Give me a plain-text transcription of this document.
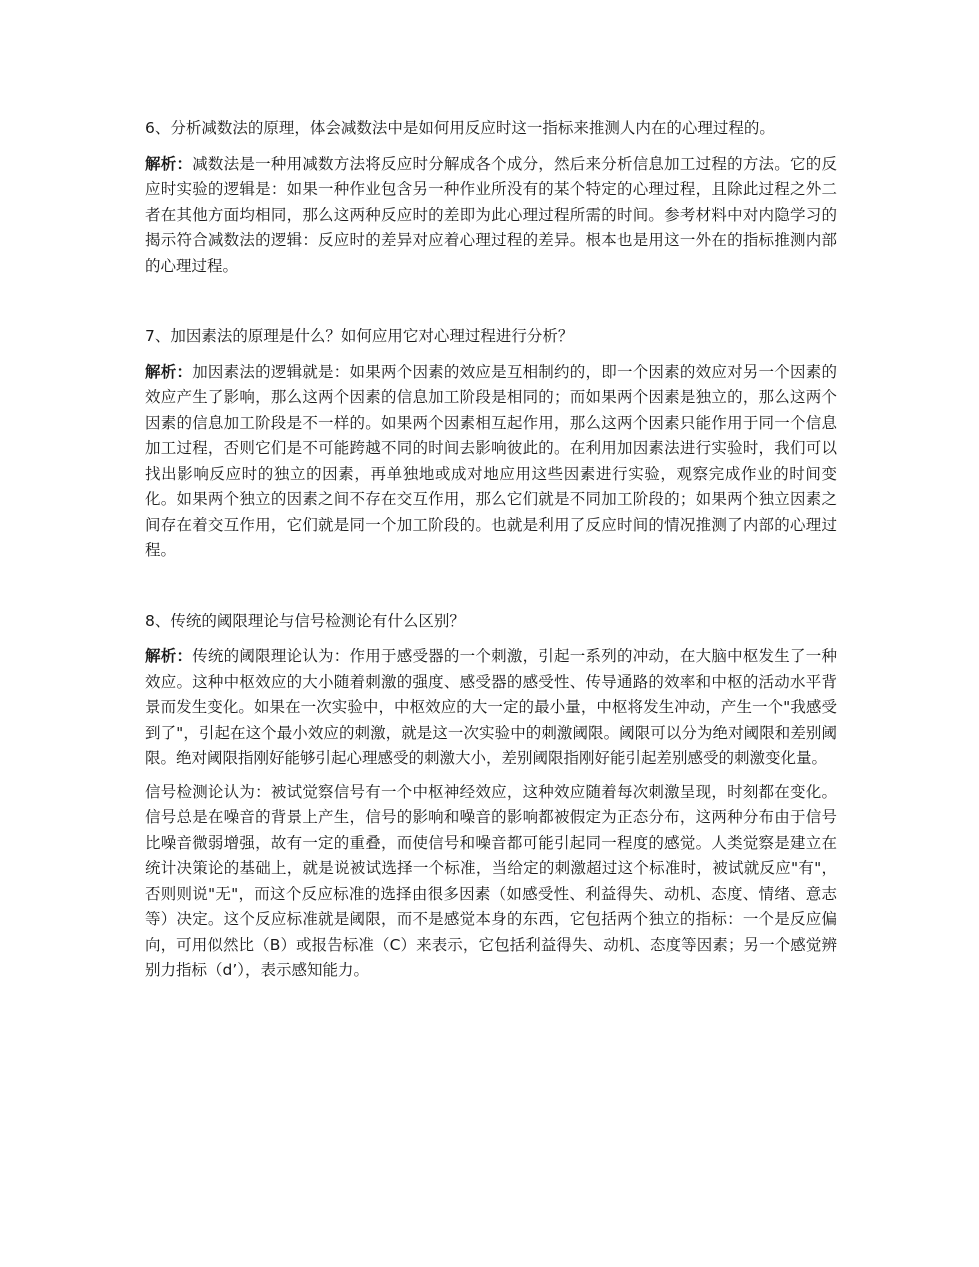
6、分析减数法的原理，体会减数法中是如何用反应时这一指标来推测人内在的心理过程的。

解析：减数法是一种用减数方法将反应时分解成各个成分，然后来分析信息加工过程的方法。它的反应时实验的逻辑是：如果一种作业包含另一种作业所没有的某个特定的心理过程，且除此过程之外二者在其他方面均相同，那么这两种反应时的差即为此心理过程所需的时间。参考材料中对内隐学习的揭示符合减数法的逻辑：反应时的差异对应着心理过程的差异。根本也是用这一外在的指标推测内部的心理过程。

7、加因素法的原理是什么？如何应用它对心理过程进行分析？

解析：加因素法的逻辑就是：如果两个因素的效应是互相制约的，即一个因素的效应对另一个因素的效应产生了影响，那么这两个因素的信息加工阶段是相同的；而如果两个因素是独立的，那么这两个因素的信息加工阶段是不一样的。如果两个因素相互起作用，那么这两个因素只能作用于同一个信息加工过程，否则它们是不可能跨越不同的时间去影响彼此的。在利用加因素法进行实验时，我们可以找出影响反应时的独立的因素，再单独地或成对地应用这些因素进行实验，观察完成作业的时间变化。如果两个独立的因素之间不存在交互作用，那么它们就是不同加工阶段的；如果两个独立因素之间存在着交互作用，它们就是同一个加工阶段的。也就是利用了反应时间的情况推测了内部的心理过程。

8、传统的阈限理论与信号检测论有什么区别？

解析：传统的阈限理论认为：作用于感受器的一个刺激，引起一系列的冲动，在大脑中枢发生了一种效应。这种中枢效应的大小随着刺激的强度、感受器的感受性、传导通路的效率和中枢的活动水平背景而发生变化。如果在一次实验中，中枢效应的大一定的最小量，中枢将发生冲动，产生一个"我感受到了"，引起在这个最小效应的刺激，就是这一次实验中的刺激阈限。阈限可以分为绝对阈限和差别阈限。绝对阈限指刚好能够引起心理感受的刺激大小，差别阈限指刚好能引起差别感受的刺激变化量。

信号检测论认为：被试觉察信号有一个中枢神经效应，这种效应随着每次刺激呈现，时刻都在变化。信号总是在噪音的背景上产生，信号的影响和噪音的影响都被假定为正态分布，这两种分布由于信号比噪音微弱增强，故有一定的重叠，而使信号和噪音都可能引起同一程度的感觉。人类觉察是建立在统计决策论的基础上，就是说被试选择一个标准，当给定的刺激超过这个标准时，被试就反应"有"，否则则说"无"，而这个反应标准的选择由很多因素（如感受性、利益得失、动机、态度、情绪、意志等）决定。这个反应标准就是阈限，而不是感觉本身的东西，它包括两个独立的指标：一个是反应偏向，可用似然比（B）或报告标准（C）来表示，它包括利益得失、动机、态度等因素；另一个感觉辨别力指标（d’），表示感知能力。
